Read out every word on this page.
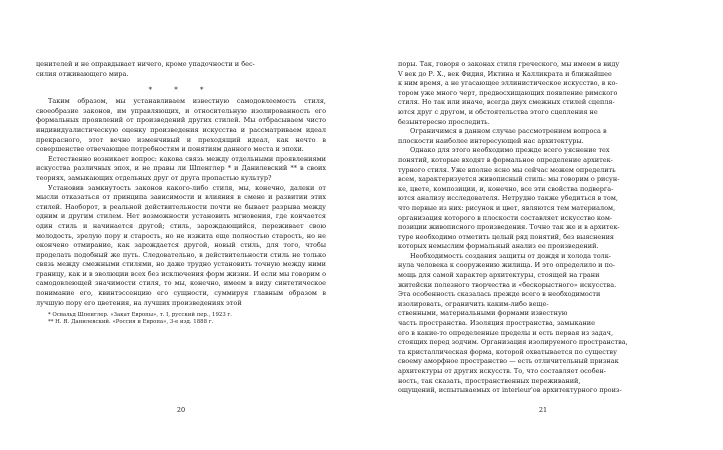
ценителей и не оправдывает ничего, кроме упадочности и бес-
силия отживающего мира.
* * *
Таким образом, мы устанавливаем известную самодовлеемость стиля, своеобразие законов, им управляющих, и относительную изолированность его формальных проявлений от произведений других стилей. Мы отбрасываем чисто индивидуалистическую оценку произведения искусства и рассматриваем идеал прекрасного, этот вечно изменчивый и преходящий идеал, как нечто в совершенстве отвечающее потребностям и понятиям данного места и эпохи.
Естественно возникает вопрос: какова связь между отдельными проявлениями искусства различных эпох, и не правы ли Шпенглер * и Данилевский ** в своих теориях, замыкающих отдельных друг от друга пропастью культур?
Установив замкнутость законов какого-либо стиля, мы, конечно, далеки от мысли отказаться от принципа зависимости и влияния в смене и развитии этих стилей. Наоборот, в реальной действительности почти не бывает разрыва между одним и другим стилем. Нет возможности установить мгновения, где кончается один стиль и начинается другой; стиль, зарождающийся, переживает свою молодость, зрелую пору и старость, но не изжита еще полностью старость, но не окончено отмирание, как зарождается другой, новый стиль, для того, чтобы проделать подобный же путь. Следовательно, в действительности стиль не только связь между смежными стилями, но даже трудно установить точную между ними границу, как и в эволюции всех без исключения форм жизни. И если мы говорим о самодовлеющей значимости стиля, то мы, конечно, имеем в виду синтетическое понимание его, квинтэссенцию его сущности, суммируя главным образом в лучшую пору его цветения, на лучших произведениях этой
* Освальд Шпенглер. «Закат Европы», т. I, русский пер., 1923 г.
** Н. Я. Данилевский. «Россия и Европа», 3-е изд. 1888 г.
20
поры. Так, говоря о законах стиля греческого, мы имеем в виду
V век до Р. Х., век Фидия, Иктина и Калликрата и ближайшее
к ним время, а не угасающее эллинистическое искусство, в ко-
тором уже много черт, предвосхищающих появление римского
стиля. Но так или иначе, всегда двух смежных стилей сцепля-
ются друг с другом, и обстоятельства этого сцепления не
безынтересно проследить.
Ограничимся в данном случае рассмотрением вопроса в
плоскости наиболее интересующей нас архитектуры.
Однако для этого необходимо прежде всего уяснение тех
понятий, которые входят в формальное определение архитек-
турного стиля. Уже вполне ясно мы сейчас можем определить
всем, характеризуется живописный стиль: мы говорим о рисун-
ке, цвете, композиции, и, конечно, все эти свойства подверга-
ются анализу исследователя. Нетрудно также убедиться в том,
что первые из них: рисунок и цвет, являются тем материалом,
организация которого в плоскости составляет искусство ком-
позиции живописного произведения. Точно так же и в архитек-
туре необходимо отметить целый ряд понятий, без выяснения
которых немыслим формальный анализ ее произведений.
Необходимость создания защиты от дождя и холода толк-
нула человека к сооружению жилища. И это определило и по-
мощь для самой характер архитектуры, стоящей на грани
житейски полезного творчества и «бескорыстного» искусства.
Эта особенность сказалась прежде всего в необходимости
изолировать, ограничить каким-либо веще-
ственными, материальными формами известную
часть пространства. Изоляция пространства, замыкание
его в какие-то определенные пределы и есть первая из задач,
стоящих перед зодчим. Организация изолируемого пространства,
та кристаллическая форма, которой охватывается по существу
своему аморфное пространство — есть отличительный признак
архитектуры от других искусств. То, что составляет особен-
ность, так сказать, пространственных переживаний,
ощущений, испытываемых от interieur'ов архитектурного произ-
21
